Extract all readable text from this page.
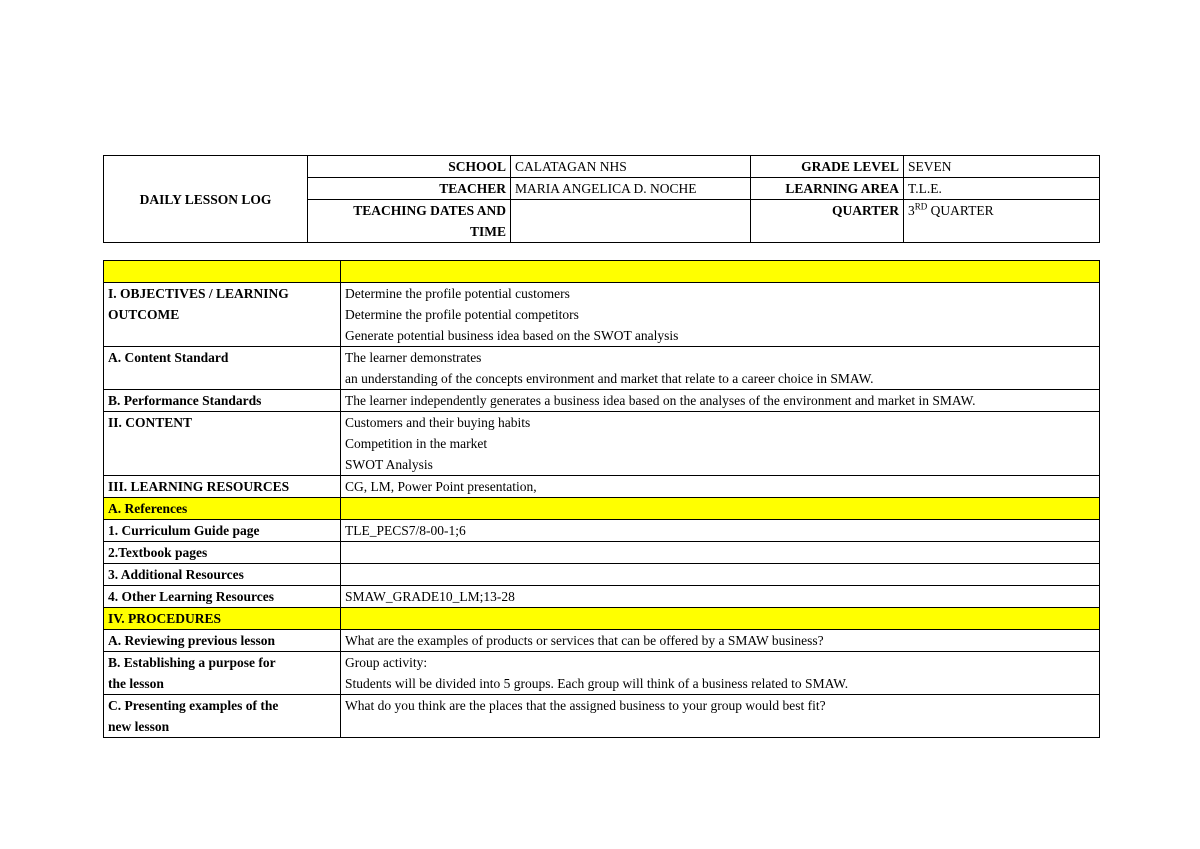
DAILY LESSON LOG	SCHOOL	CALATAGAN NHS	GRADE LEVEL	SEVEN
	TEACHER	MARIA ANGELICA D. NOCHE	LEARNING AREA	T.L.E.

	TEACHING DATES AND
TIME		QUARTER	3RD QUARTER

I. OBJECTIVES / LEARNING
OUTCOME	Determine the profile potential customers
Determine the profile potential competitors
Generate potential business idea based on the SWOT analysis

A. Content Standard	The learner demonstrates
an understanding of the concepts environment and market that relate to a career choice in SMAW.

B. Performance Standards	The learner independently generates a business idea based on the analyses of the environment and market in SMAW.
II. CONTENT	Customers and their buying habits
Competition in the market
SWOT Analysis

III. LEARNING RESOURCES	CG, LM, Power Point presentation,
A. References	
1. Curriculum Guide page	TLE_PECS7/8-00-1;6
2.Textbook pages	
3. Additional Resources	
4. Other Learning Resources	SMAW_GRADE10_LM;13-28
IV. PROCEDURES	
A. Reviewing previous lesson	What are the examples of products or services that can be offered by a SMAW business?

B. Establishing a purpose for
the lesson	Group activity:
Students will be divided into 5 groups. Each group will think of a business related to SMAW.

C. Presenting examples of the
new lesson	What do you think are the places that the assigned business to your group would best fit?
